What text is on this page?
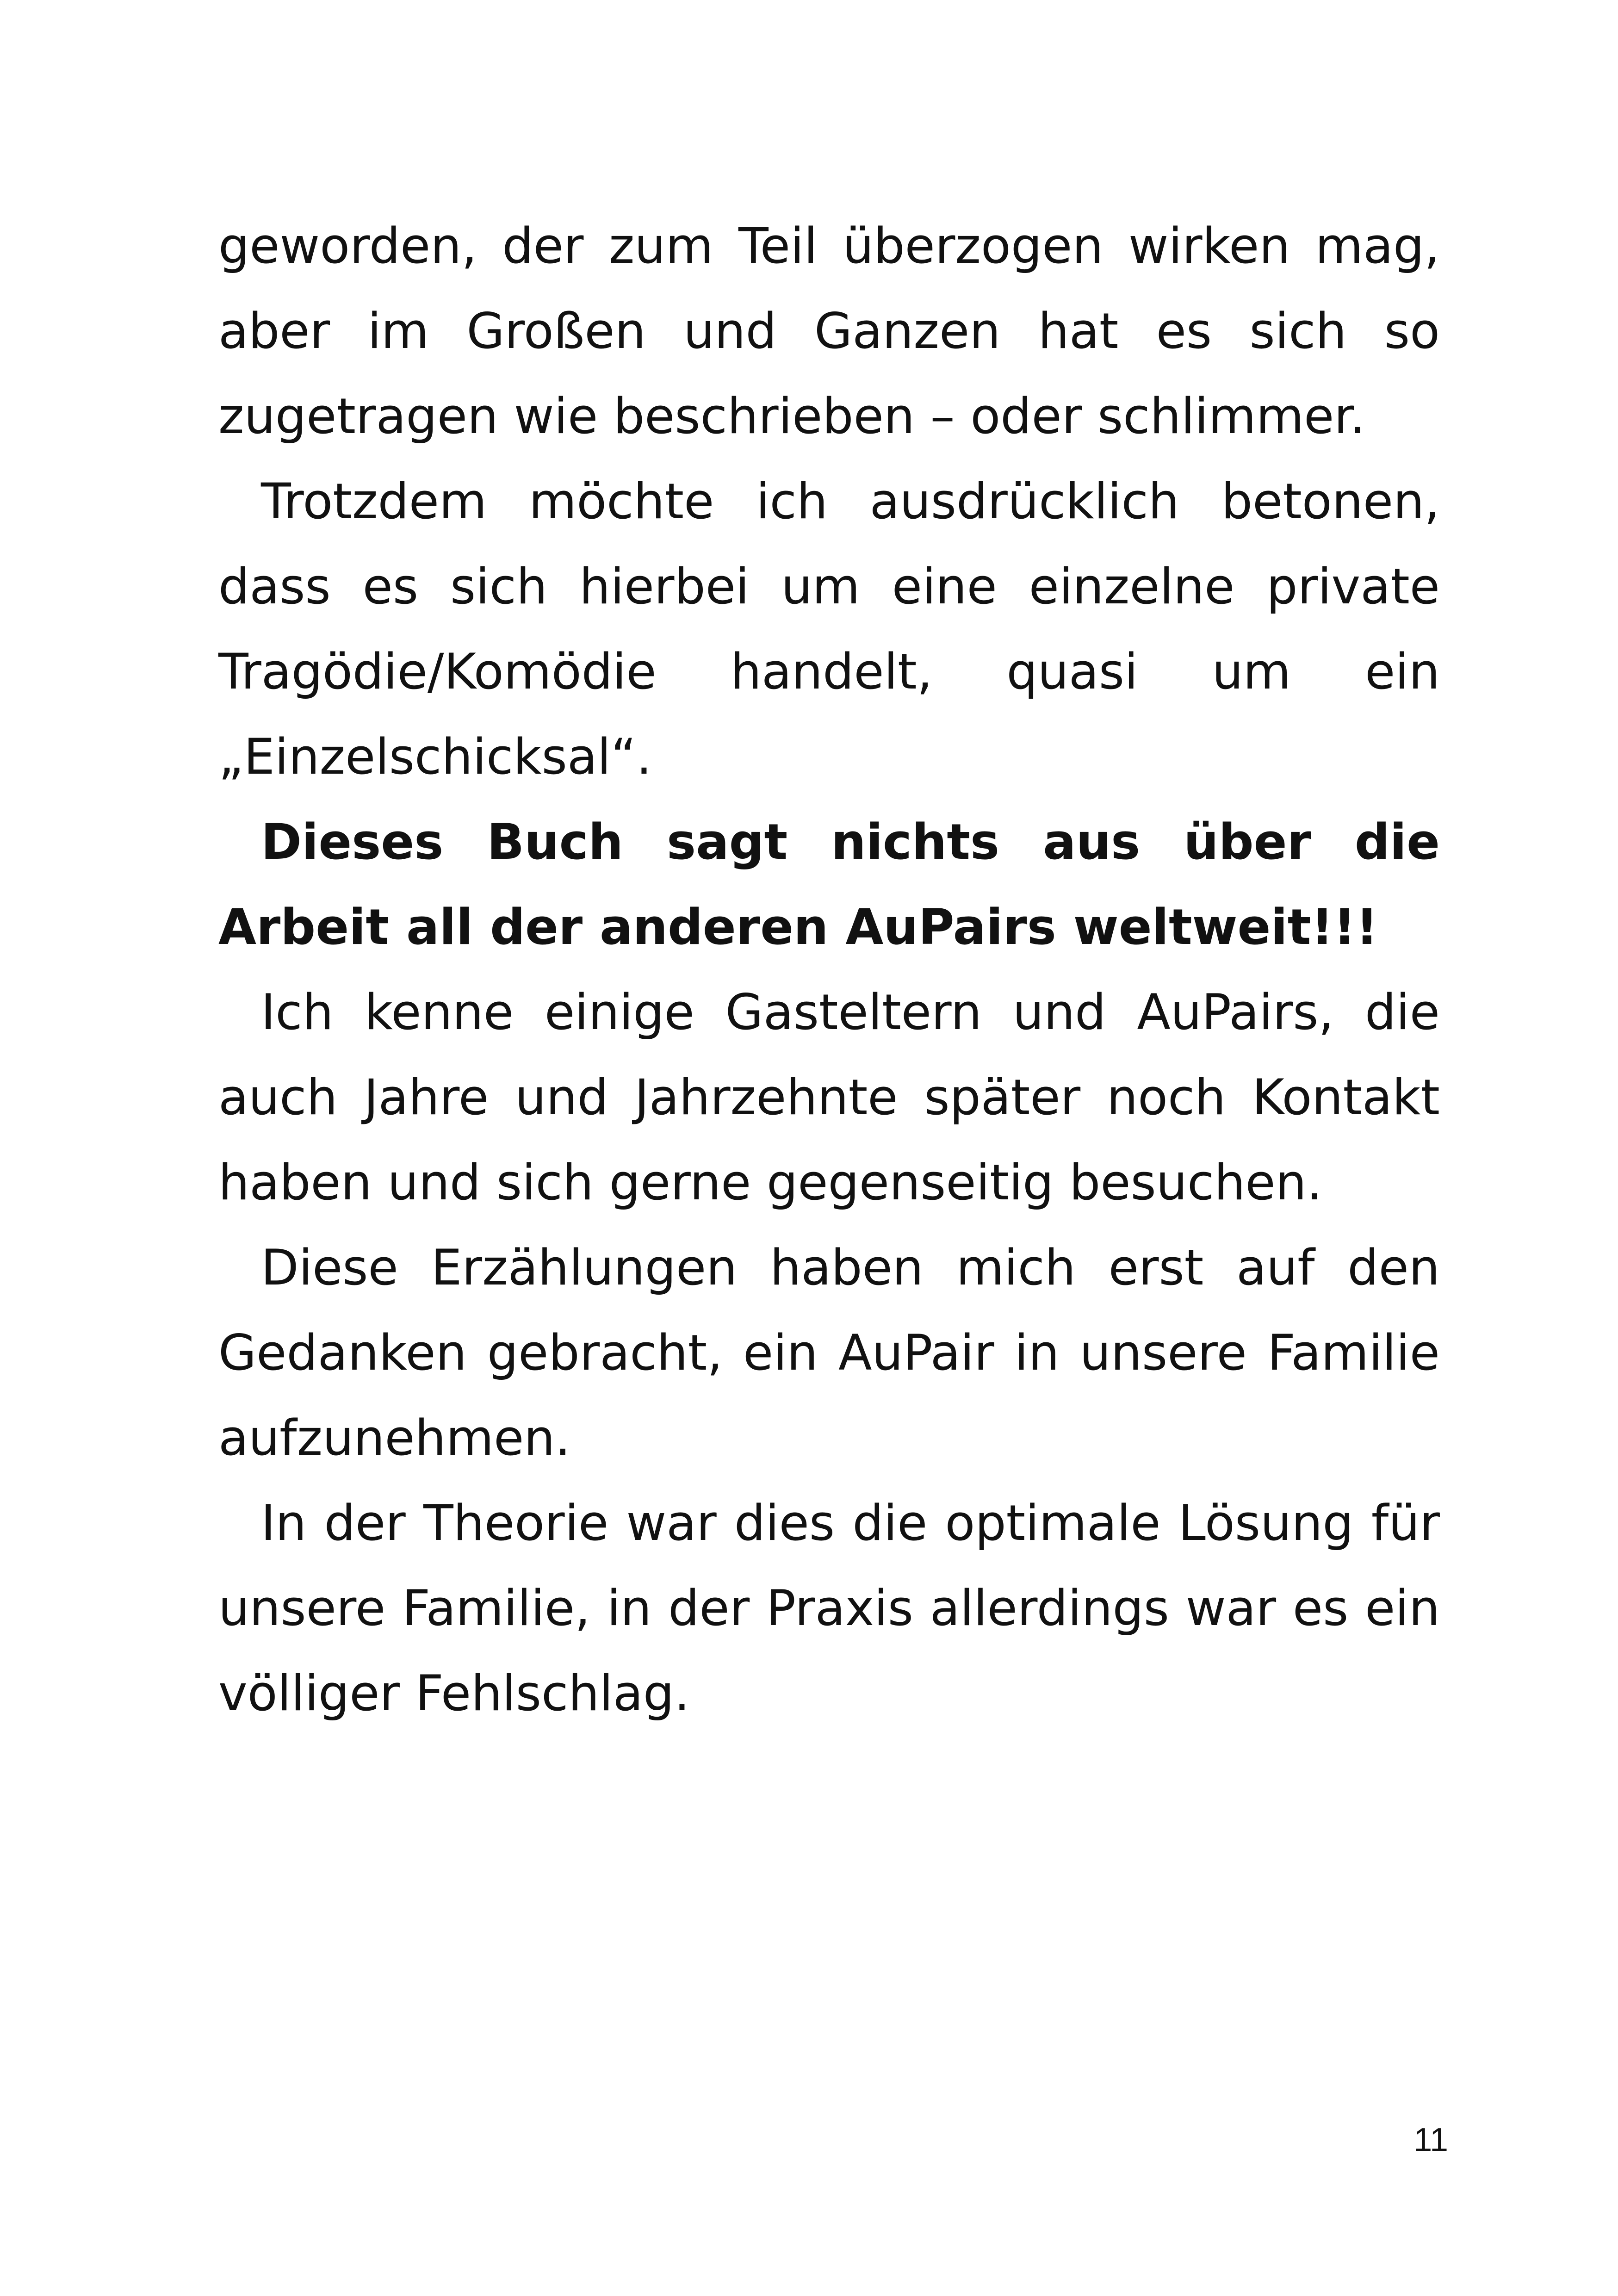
geworden, der zum Teil überzogen wirken mag, aber im Großen und Ganzen hat es sich so zugetragen wie beschrieben – oder schlimmer.

Trotzdem möchte ich ausdrücklich betonen, dass es sich hierbei um eine einzelne private Tragödie/Komödie handelt, quasi um ein „Einzelschicksal“.

Dieses Buch sagt nichts aus über die Arbeit all der anderen AuPairs weltweit!!!

Ich kenne einige Gasteltern und AuPairs, die auch Jahre und Jahrzehnte später noch Kontakt haben und sich gerne gegenseitig besuchen.

Diese Erzählungen haben mich erst auf den Gedanken gebracht, ein AuPair in unsere Familie aufzunehmen.

In der Theorie war dies die optimale Lösung für unsere Familie, in der Praxis allerdings war es ein völliger Fehlschlag.

11
